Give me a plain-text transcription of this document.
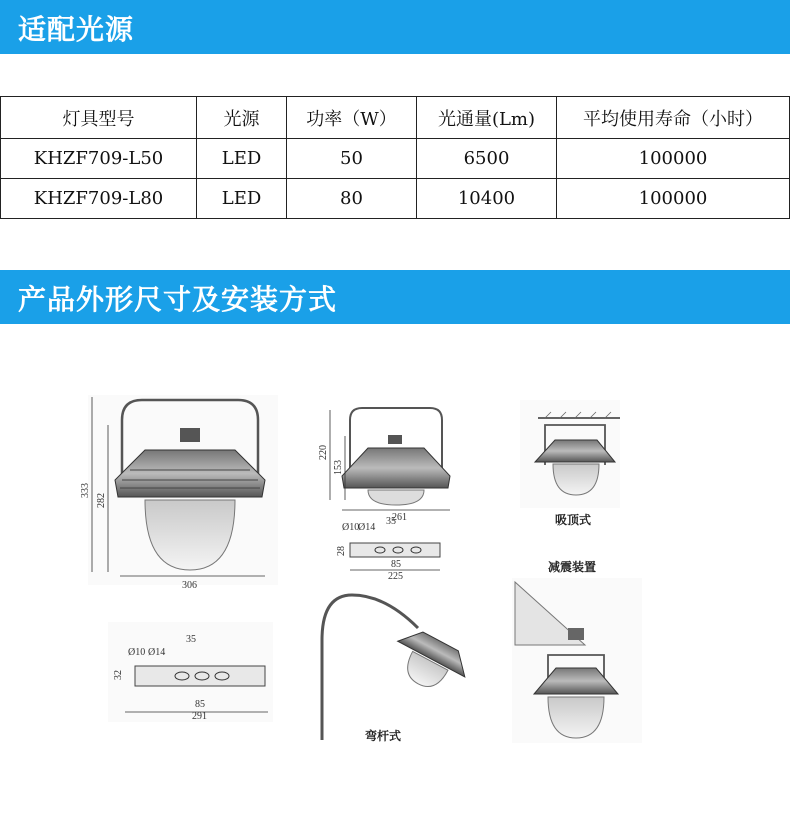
适配光源
灯具型号	光源	功率（W）	光通量(Lm)	平均使用寿命（小时）
KHZF709-L50	LED	50	6500	100000
KHZF709-L80	LED	80	10400	100000
产品外形尺寸及安装方式
333
282
306
220
153
261
Ø10
Ø14
35
28
85
225
吸顶式
减震装置
Ø10 Ø14
35
32
85
291
弯杆式
